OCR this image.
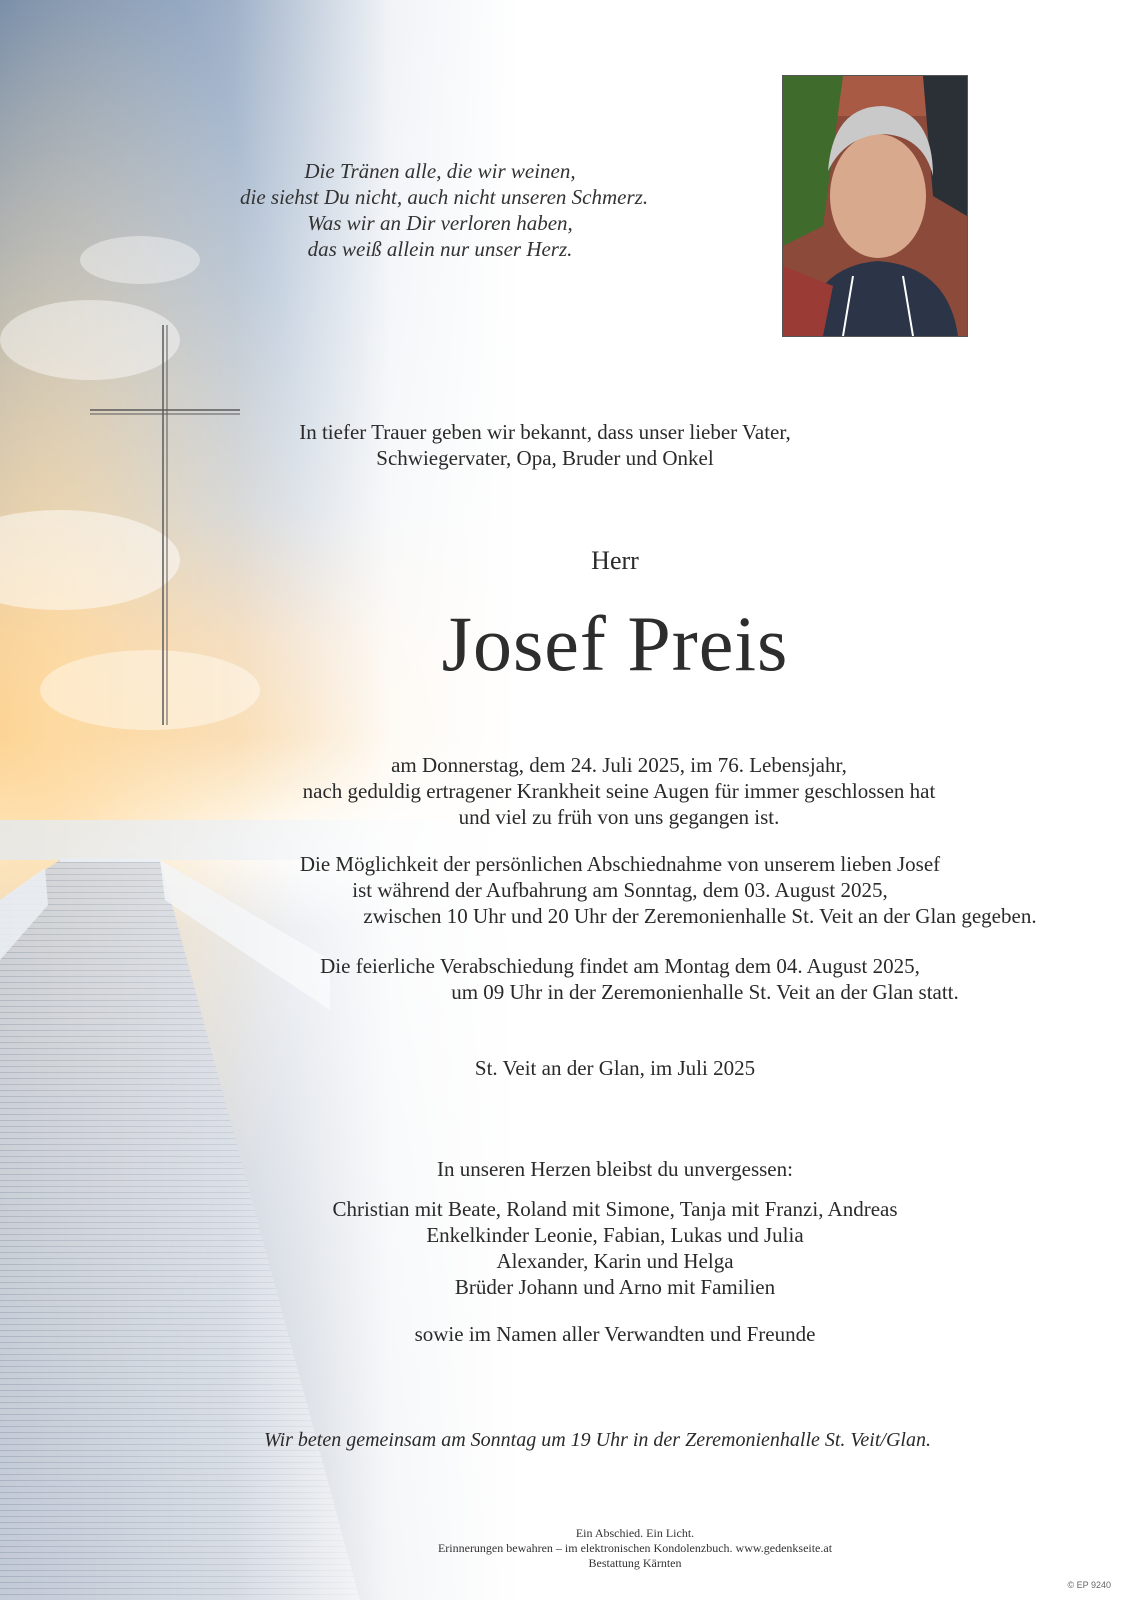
Die Tränen alle, die wir weinen,
die siehst Du nicht, auch nicht unseren Schmerz.
Was wir an Dir verloren haben,
das weiß allein nur unser Herz.
In tiefer Trauer geben wir bekannt, dass unser lieber Vater,
Schwiegervater, Opa, Bruder und Onkel
Herr
Josef Preis
am Donnerstag, dem 24. Juli 2025, im 76. Lebensjahr,
nach geduldig ertragener Krankheit seine Augen für immer geschlossen hat
und viel zu früh von uns gegangen ist.
Die Möglichkeit der persönlichen Abschiednahme von unserem lieben Josef
ist während der Aufbahrung am Sonntag, dem 03. August 2025,
zwischen 10 Uhr und 20 Uhr der Zeremonienhalle St. Veit an der Glan gegeben.
Die feierliche Verabschiedung findet am Montag dem 04. August 2025,
um 09 Uhr in der Zeremonienhalle St. Veit an der Glan statt.
St. Veit an der Glan, im Juli 2025
In unseren Herzen bleibst du unvergessen:
Christian mit Beate, Roland mit Simone, Tanja mit Franzi, Andreas
Enkelkinder Leonie, Fabian, Lukas und Julia
Alexander, Karin und Helga
Brüder Johann und Arno mit Familien
sowie im Namen aller Verwandten und Freunde
Wir beten gemeinsam am Sonntag um 19 Uhr in der Zeremonienhalle St. Veit/Glan.
Ein Abschied. Ein Licht.
Erinnerungen bewahren – im elektronischen Kondolenzbuch. www.gedenkseite.at
Bestattung Kärnten
© EP 9240
